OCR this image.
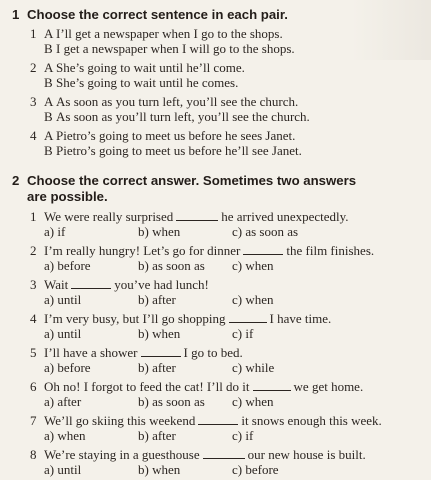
1 Choose the correct sentence in each pair.
1 A I’ll get a newspaper when I go to the shops.
B I get a newspaper when I will go to the shops.
2 A She’s going to wait until he’ll come.
B She’s going to wait until he comes.
3 A As soon as you turn left, you’ll see the church.
B As soon as you’ll turn left, you’ll see the church.
4 A Pietro’s going to meet us before he sees Janet.
B Pietro’s going to meet us before he’ll see Janet.
2 Choose the correct answer. Sometimes two answers
are possible.
1 We were really surprised	he arrived unexpectedly.
a) if	b) when	c) as soon as
2 I’m really hungry! Let’s go for dinner	the film finishes.
a) before	b) as soon as c) when
3 Wait	you’ve had lunch!
a) until	b) after	c) when
4 I’m very busy, but I’ll go shopping	I have time.
a) until	b) when	c) if
5 I’ll have a shower	I go to bed.
a) before	b) after	c) while
6 Oh no! I forgot to feed the cat! I’ll do it	we get home.
a) after	b) as soon as c) when
7 We’ll go skiing this weekend	it snows enough this week.
a) when	b) after	c) if
8 We’re staying in a guesthouse	our new house is built.
a) until	b) when	c) before
